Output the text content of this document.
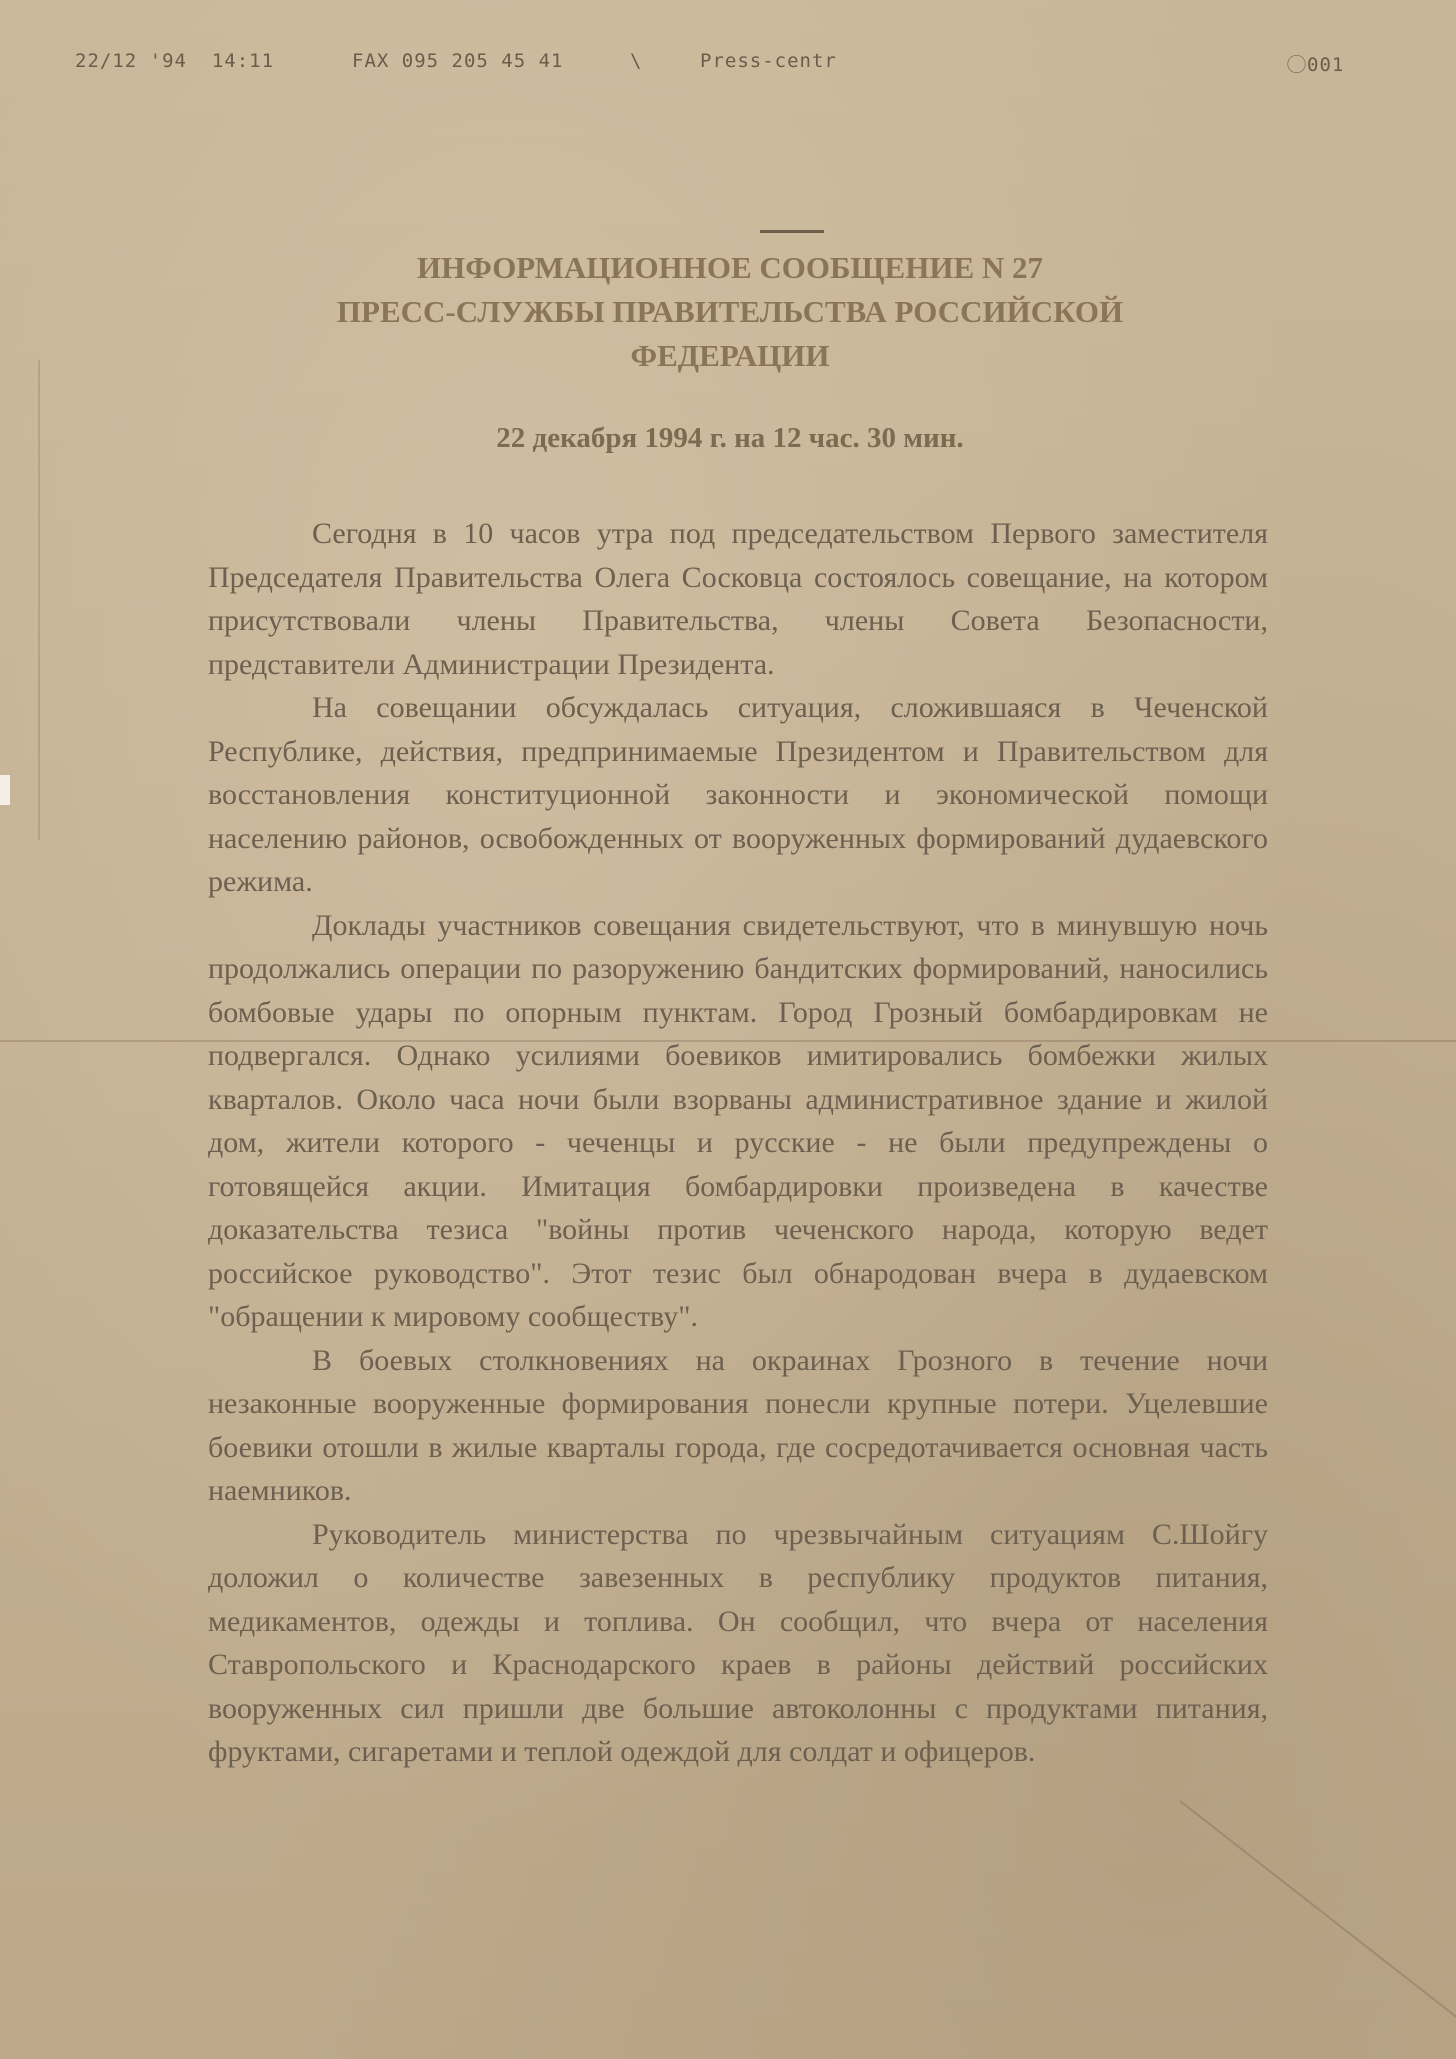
22/12 '94 14:11	FAX 095 205 45 41	\	Press-centr	⃝001
ИНФОРМАЦИОННОЕ СООБЩЕНИЕ N 27
ПРЕСС-СЛУЖБЫ ПРАВИТЕЛЬСТВА РОССИЙСКОЙ
ФЕДЕРАЦИИ
22 декабря 1994 г. на 12 час. 30 мин.

Сегодня в 10 часов утра под председательством Первого заместителя Председателя Правительства Олега Сосковца состоялось совещание, на котором присутствовали члены Правительства, члены Совета Безопасности, представители Администрации Президента.

На совещании обсуждалась ситуация, сложившаяся в Чеченской Республике, действия, предпринимаемые Президентом и Правительством для восстановления конституционной законности и экономической помощи населению районов, освобожденных от вооруженных формирований дудаевского режима.

Доклады участников совещания свидетельствуют, что в минувшую ночь продолжались операции по разоружению бандитских формирований, наносились бомбовые удары по опорным пунктам. Город Грозный бомбардировкам не подвергался. Однако усилиями боевиков имитировались бомбежки жилых кварталов. Около часа ночи были взорваны административное здание и жилой дом, жители которого - чеченцы и русские - не были предупреждены о готовящейся акции. Имитация бомбардировки произведена в качестве доказательства тезиса "войны против чеченского народа, которую ведет российское руководство". Этот тезис был обнародован вчера в дудаевском "обращении к мировому сообществу".

В боевых столкновениях на окраинах Грозного в течение ночи незаконные вооруженные формирования понесли крупные потери. Уцелевшие боевики отошли в жилые кварталы города, где сосредотачивается основная часть наемников.

Руководитель министерства по чрезвычайным ситуациям С.Шойгу доложил о количестве завезенных в республику продуктов питания, медикаментов, одежды и топлива. Он сообщил, что вчера от населения Ставропольского и Краснодарского краев в районы действий российских вооруженных сил пришли две большие автоколонны с продуктами питания, фруктами, сигаретами и теплой одеждой для солдат и офицеров.
